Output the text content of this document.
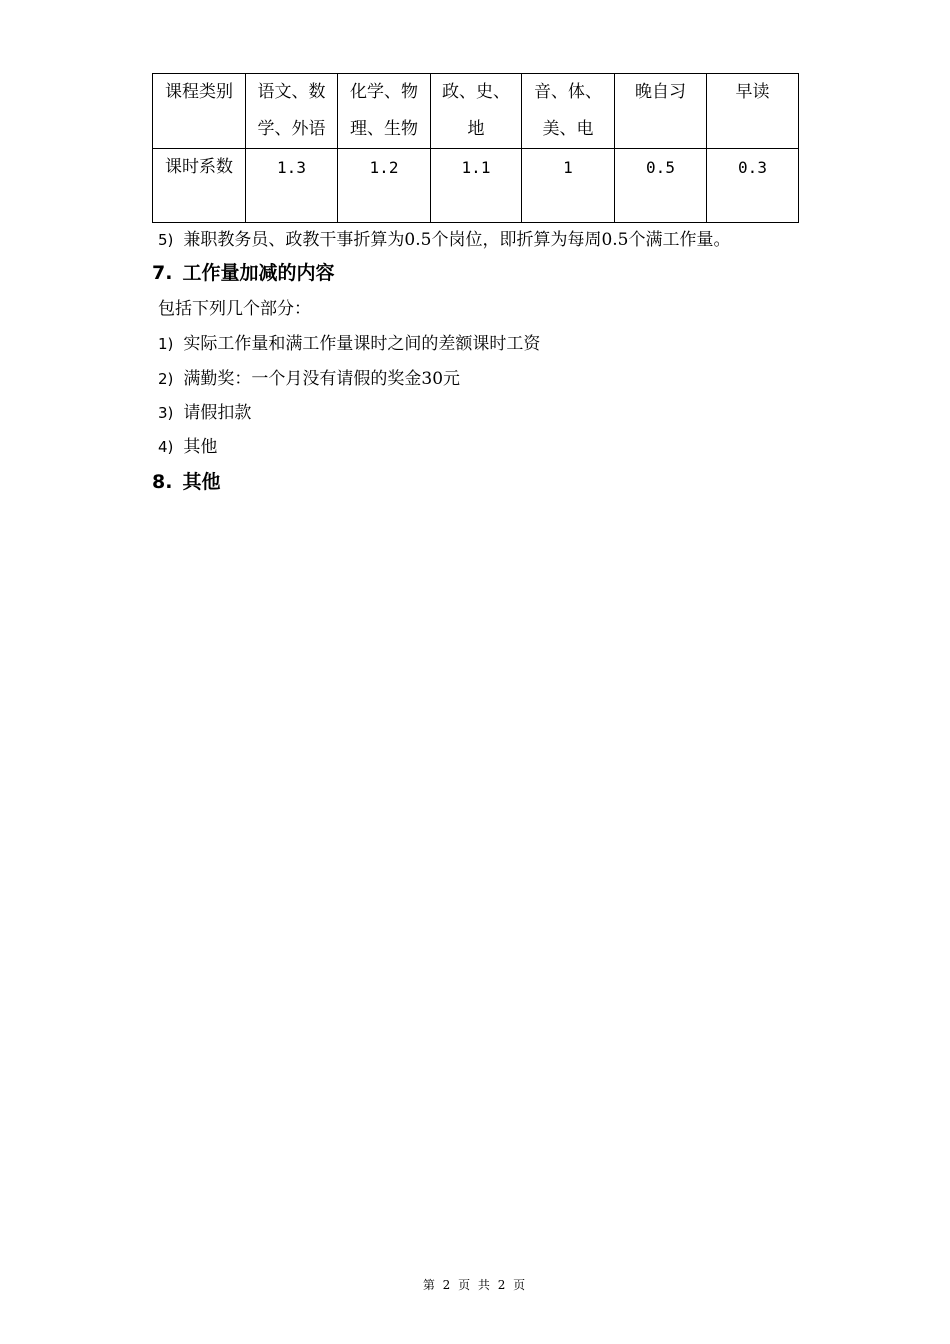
课程类别	语文、数学、外语	化学、物理、生物	政、史、地	音、体、美、电	晚自习	早读
课时系数	1.3	1.2	1.1	1	0.5	0.3
5) 兼职教务员、政教干事折算为0.5个岗位，即折算为每周0.5个满工作量。
7. 工作量加减的内容
包括下列几个部分：
1) 实际工作量和满工作量课时之间的差额课时工资
2) 满勤奖：一个月没有请假的奖金30元
3) 请假扣款
4) 其他
8. 其他
第 2 页 共 2 页
